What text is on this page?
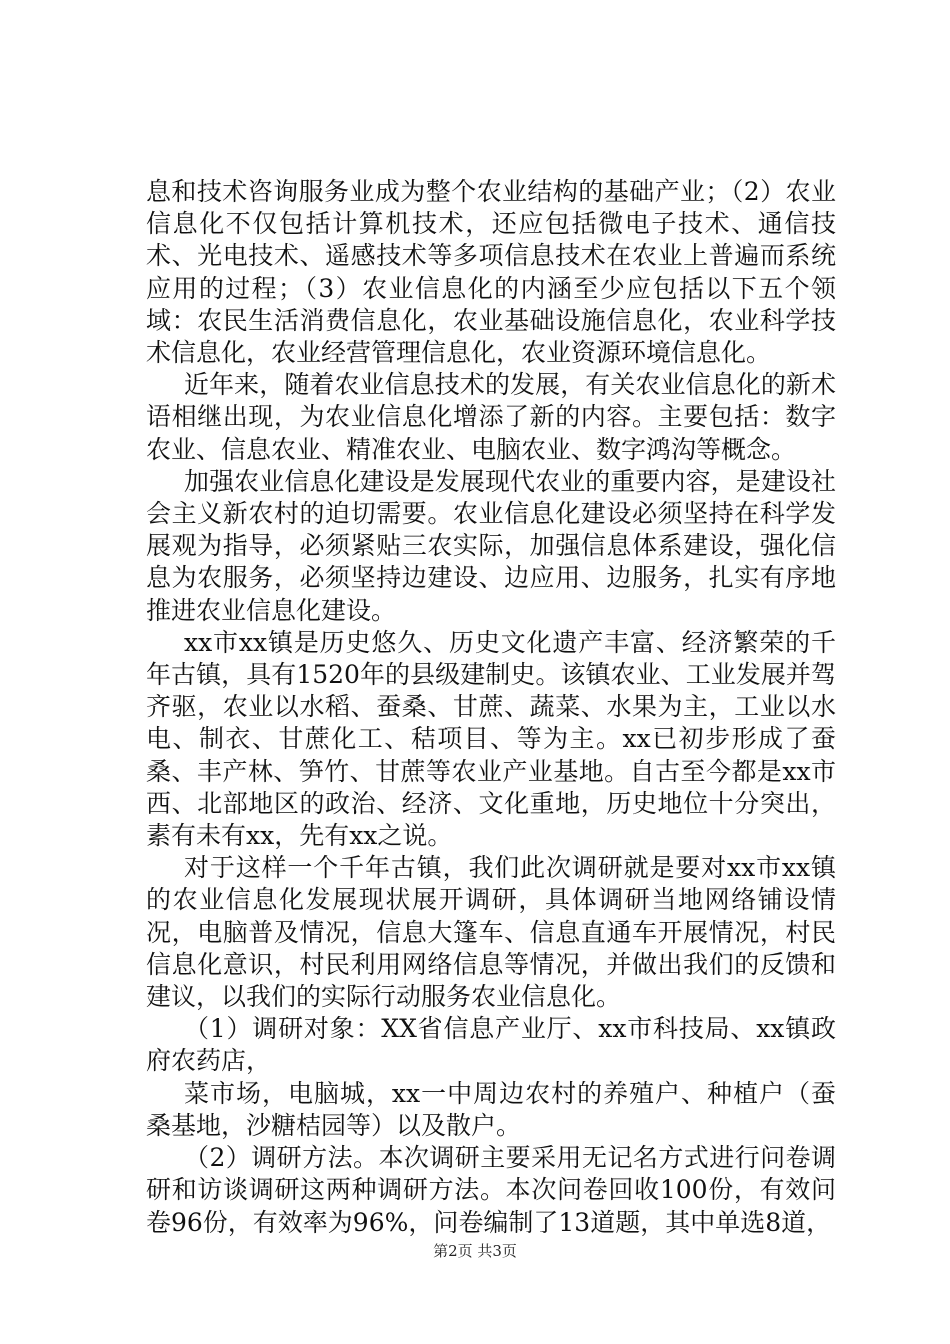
息和技术咨询服务业成为整个农业结构的基础产业；（2）农业信息化不仅包括计算机技术，还应包括微电子技术、通信技术、光电技术、遥感技术等多项信息技术在农业上普遍而系统应用的过程；（3）农业信息化的内涵至少应包括以下五个领域：农民生活消费信息化，农业基础设施信息化，农业科学技术信息化，农业经营管理信息化，农业资源环境信息化。

近年来，随着农业信息技术的发展，有关农业信息化的新术语相继出现，为农业信息化增添了新的内容。主要包括：数字农业、信息农业、精准农业、电脑农业、数字鸿沟等概念。

加强农业信息化建设是发展现代农业的重要内容，是建设社会主义新农村的迫切需要。农业信息化建设必须坚持在科学发展观为指导，必须紧贴三农实际，加强信息体系建设，强化信息为农服务，必须坚持边建设、边应用、边服务，扎实有序地推进农业信息化建设。

xx市xx镇是历史悠久、历史文化遗产丰富、经济繁荣的千年古镇，具有1520年的县级建制史。该镇农业、工业发展并驾齐驱，农业以水稻、蚕桑、甘蔗、蔬菜、水果为主，工业以水电、制衣、甘蔗化工、秸项目、等为主。xx已初步形成了蚕桑、丰产林、笋竹、甘蔗等农业产业基地。自古至今都是xx市西、北部地区的政治、经济、文化重地，历史地位十分突出，素有未有xx，先有xx之说。

对于这样一个千年古镇，我们此次调研就是要对xx市xx镇的农业信息化发展现状展开调研，具体调研当地网络铺设情况，电脑普及情况，信息大篷车、信息直通车开展情况，村民信息化意识，村民利用网络信息等情况，并做出我们的反馈和建议，以我们的实际行动服务农业信息化。

（1）调研对象：XX省信息产业厅、xx市科技局、xx镇政府农药店，

菜市场，电脑城，xx一中周边农村的养殖户、种植户（蚕桑基地，沙糖桔园等）以及散户。

（2）调研方法。本次调研主要采用无记名方式进行问卷调研和访谈调研这两种调研方法。本次问卷回收100份，有效问卷96份，有效率为96%，问卷编制了13道题，其中单选8道，

第2页 共3页
